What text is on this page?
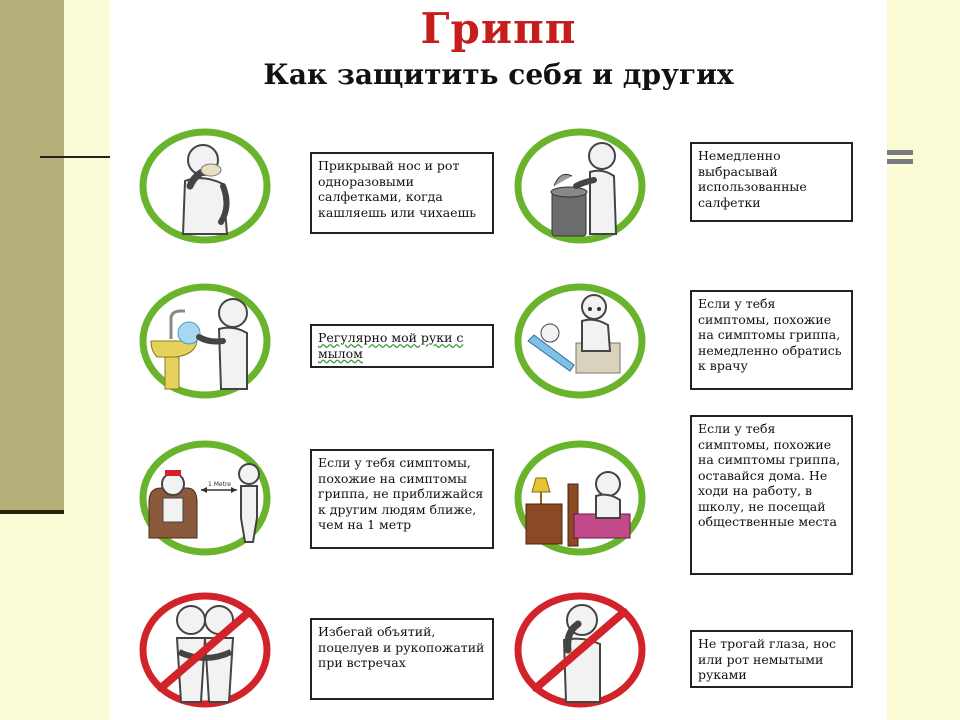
Грипп
Как защитить себя и других
Прикрывай нос и рот одноразовыми салфетками, когда кашляешь или чихаешь
Немедленно выбрасывай использованные салфетки
Регулярно мой руки с мылом
Если у тебя симптомы, похожие на симптомы гриппа, немедленно обратись к врачу
1 Metre
Если у тебя симптомы, похожие на симптомы гриппа, не приближайся к другим людям ближе, чем на 1 метр
Если у тебя симптомы, похожие на симптомы гриппа, оставайся дома. Не ходи на работу, в школу, не посещай общественные места
Избегай объятий, поцелуев и рукопожатий при встречах
Не трогай глаза, нос или рот немытыми руками
